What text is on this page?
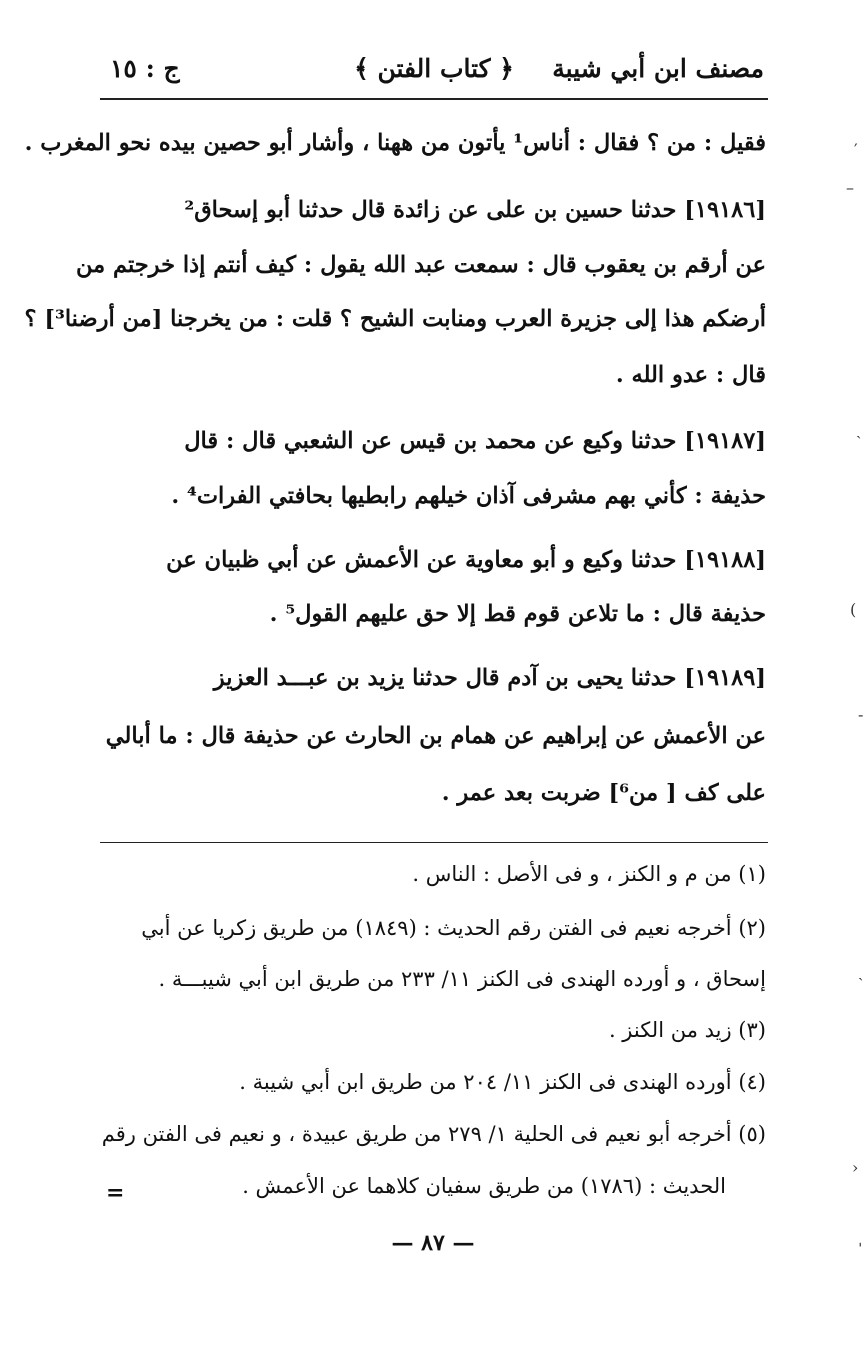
مصنف ابن أبي شيبة
﴿ كتاب الفتن ﴾
ج : ١٥
فقيل : من ؟ فقال : أناس¹ يأتون من ههنا ، وأشار أبو حصين بيده نحو المغرب .
[١٩١٨٦] حدثنا حسين بن على عن زائدة قال حدثنا أبو إسحاق²
عن أرقم بن يعقوب قال : سمعت عبد الله يقول : كيف أنتم إذا خرجتم من
أرضكم هذا إلى جزيرة العرب ومنابت الشيح ؟ قلت : من يخرجنا [من أرضنا³] ؟
قال : عدو الله .
[١٩١٨٧] حدثنا وكيع عن محمد بن قيس عن الشعبي قال : قال
حذيفة : كأني بهم مشرفى آذان خيلهم رابطيها بحافتي الفرات⁴ .
[١٩١٨٨] حدثنا وكيع و أبو معاوية عن الأعمش عن أبي ظبيان عن
حذيفة قال : ما تلاعن قوم قط إلا حق عليهم القول⁵ .
[١٩١٨٩] حدثنا يحيى بن آدم قال حدثنا يزيد بن عبـــد العزيز
عن الأعمش عن إبراهيم عن همام بن الحارث عن حذيفة قال : ما أبالي
على كف [ من⁶] ضربت بعد عمر .
(١) من م و الكنز ، و فى الأصل : الناس .
(٢) أخرجه نعيم فى الفتن رقم الحديث : (١٨٤٩) من طريق زكريا عن أبي
إسحاق ، و أورده الهندى فى الكنز ١١/ ٢٣٣ من طريق ابن أبي شيبـــة .
(٣) زيد من الكنز .
(٤) أورده الهندى فى الكنز ١١/ ٢٠٤ من طريق ابن أبي شيبة .
(٥) أخرجه أبو نعيم فى الحلية ١/ ٢٧٩ من طريق عبيدة ، و نعيم فى الفتن رقم
الحديث : (١٧٨٦) من طريق سفيان كلاهما عن الأعمش .
=
— ٨٧ —
′
–
ˎ
)
-
ˎ
‹
ˈ
